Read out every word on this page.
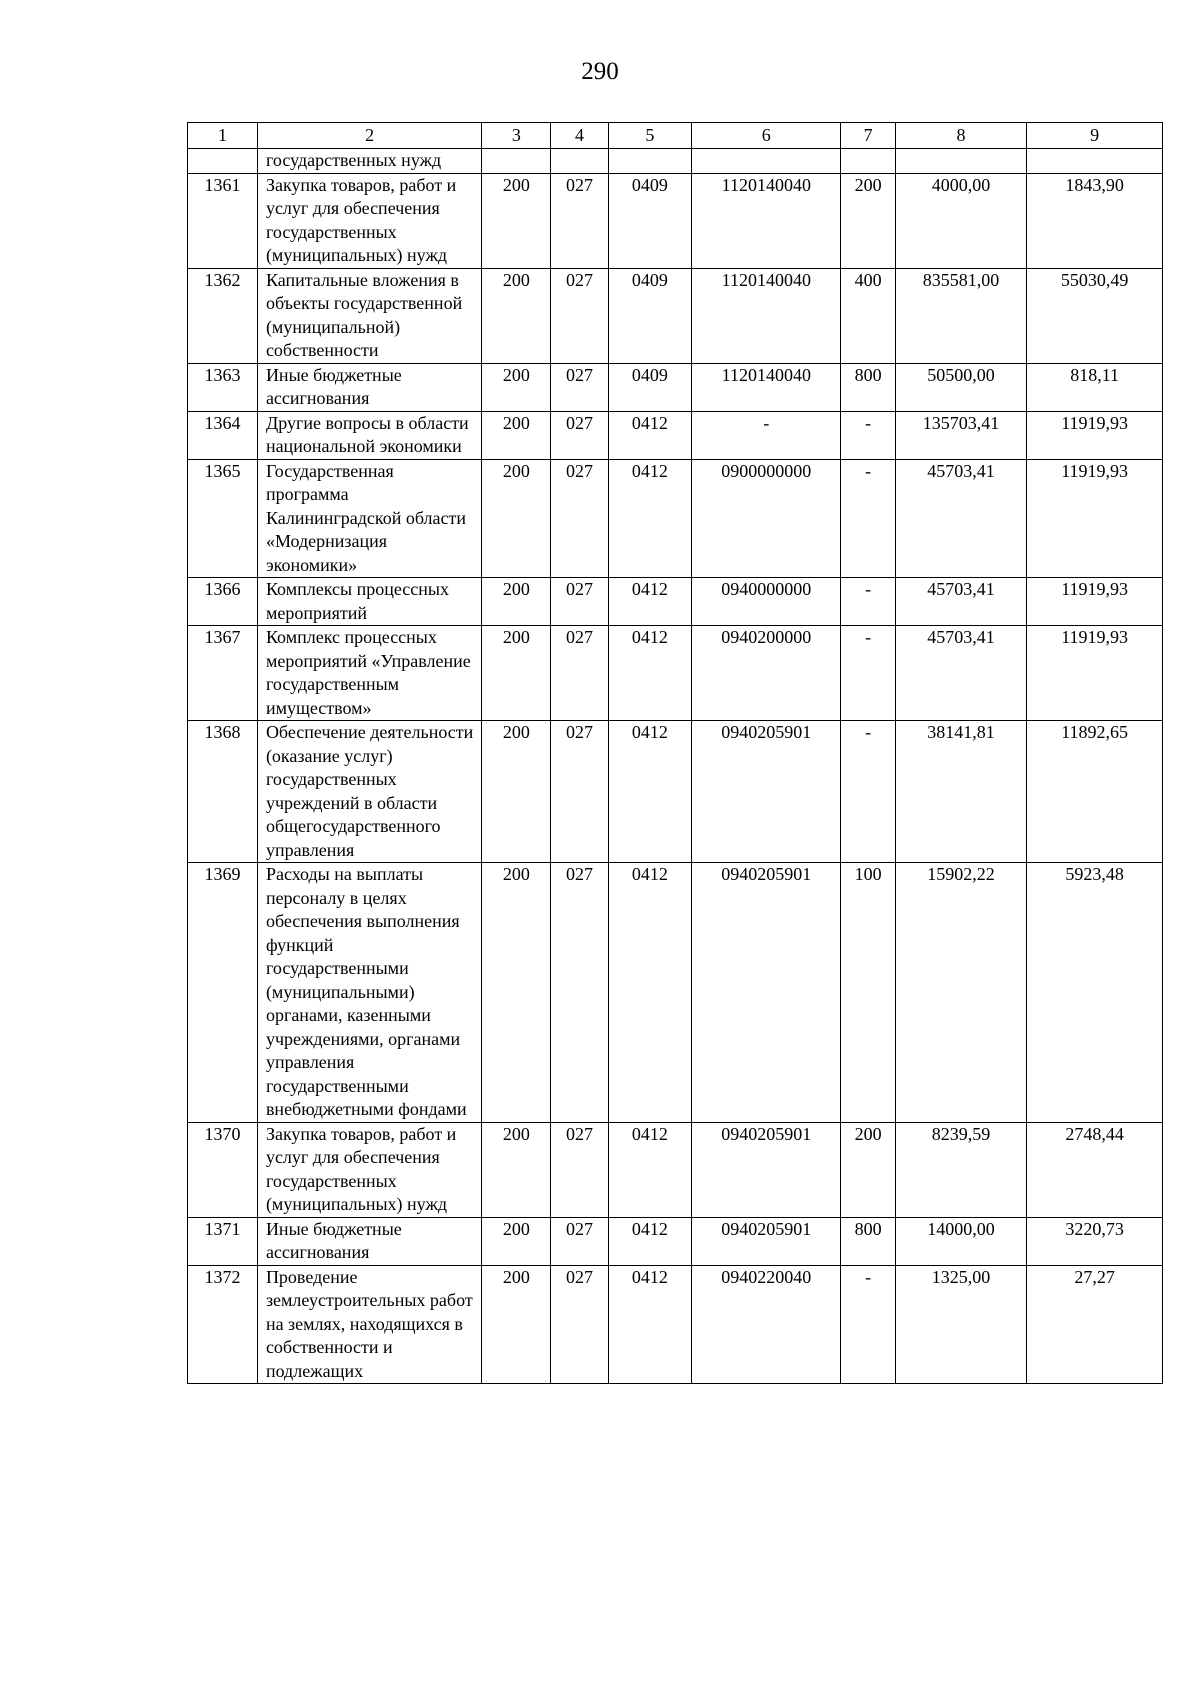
290
1	2	3	4	5	6	7	8	9
	государственных нужд							
1361	Закупка товаров, работ и услуг для обеспечения государственных (муниципальных) нужд	200	027	0409	1120140040	200	4000,00	1843,90
1362	Капитальные вложения в объекты государственной (муниципальной) собственности	200	027	0409	1120140040	400	835581,00	55030,49
1363	Иные бюджетные ассигнования	200	027	0409	1120140040	800	50500,00	818,11
1364	Другие вопросы в области национальной экономики	200	027	0412	-	-	135703,41	11919,93
1365	Государственная программа Калининградской области «Модернизация экономики»	200	027	0412	0900000000	-	45703,41	11919,93
1366	Комплексы процессных мероприятий	200	027	0412	0940000000	-	45703,41	11919,93
1367	Комплекс процессных мероприятий «Управление государственным имуществом»	200	027	0412	0940200000	-	45703,41	11919,93
1368	Обеспечение деятельности (оказание услуг) государственных учреждений в области общегосударственного управления	200	027	0412	0940205901	-	38141,81	11892,65
1369	Расходы на выплаты персоналу в целях обеспечения выполнения функций государственными (муниципальными) органами, казенными учреждениями, органами управления государственными внебюджетными фондами	200	027	0412	0940205901	100	15902,22	5923,48
1370	Закупка товаров, работ и услуг для обеспечения государственных (муниципальных) нужд	200	027	0412	0940205901	200	8239,59	2748,44
1371	Иные бюджетные ассигнования	200	027	0412	0940205901	800	14000,00	3220,73
1372	Проведение землеустроительных работ на землях, находящихся в собственности и подлежащих	200	027	0412	0940220040	-	1325,00	27,27
